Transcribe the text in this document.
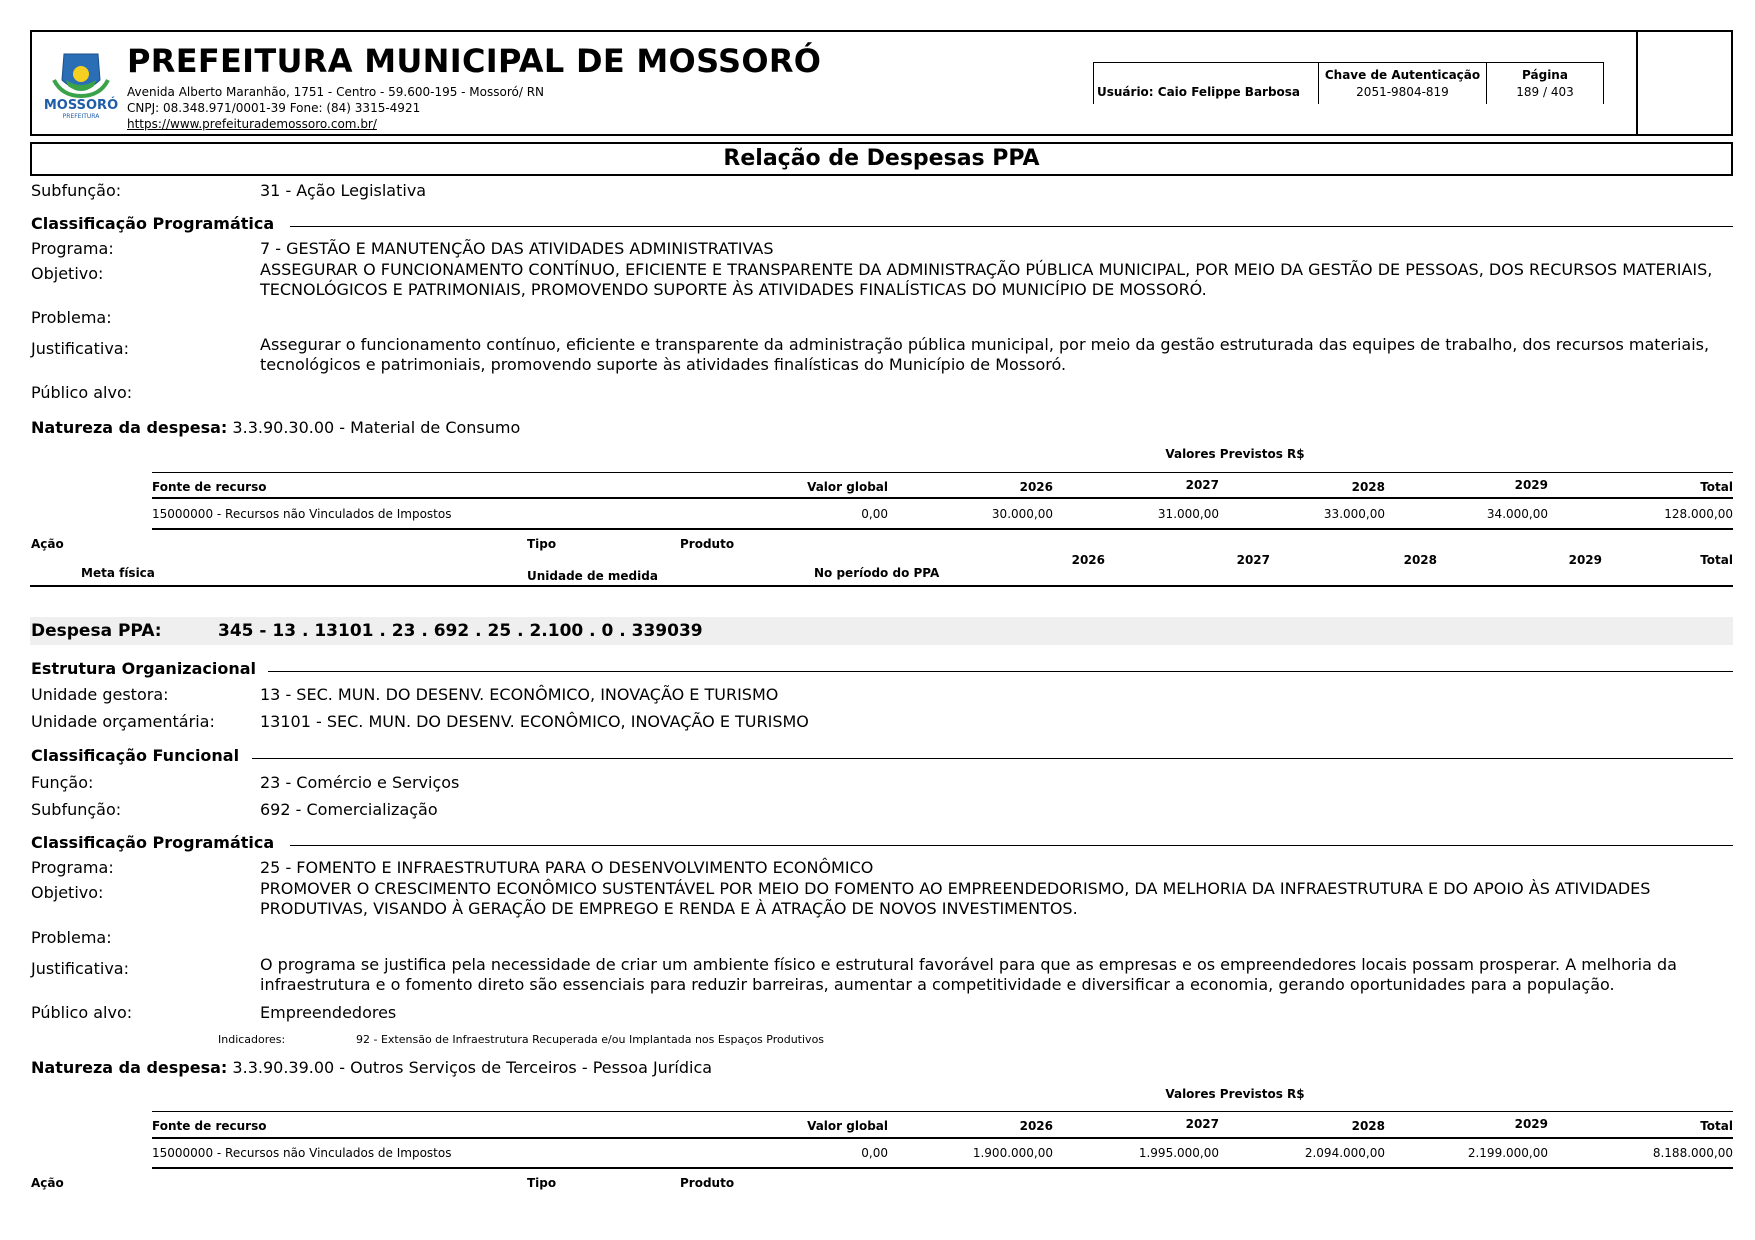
MOSSORÓ
PREFEITURA
PREFEITURA MUNICIPAL DE MOSSORÓ
Avenida Alberto Maranhão, 1751 - Centro - 59.600-195 - Mossoró/ RN
CNPJ: 08.348.971/0001-39 Fone: (84) 3315-4921
https://www.prefeiturademossoro.com.br/
Usuário: Caio Felippe Barbosa
Chave de Autenticação
2051-9804-819
Página
189 / 403
Relação de Despesas PPA
Subfunção:	31 - Ação Legislativa
Classificação Programática
Programa:	7 - GESTÃO E MANUTENÇÃO DAS ATIVIDADES ADMINISTRATIVAS
Objetivo:	ASSEGURAR O FUNCIONAMENTO CONTÍNUO, EFICIENTE E TRANSPARENTE DA ADMINISTRAÇÃO PÚBLICA MUNICIPAL, POR MEIO DA GESTÃO DE PESSOAS, DOS RECURSOS MATERIAIS, TECNOLÓGICOS E PATRIMONIAIS, PROMOVENDO SUPORTE ÀS ATIVIDADES FINALÍSTICAS DO MUNICÍPIO DE MOSSORÓ.
Problema:
Justificativa:	Assegurar o funcionamento contínuo, eficiente e transparente da administração pública municipal, por meio da gestão estruturada das equipes de trabalho, dos recursos materiais, tecnológicos e patrimoniais, promovendo suporte às atividades finalísticas do Município de Mossoró.
Público alvo:
Natureza da despesa: 3.3.90.30.00 - Material de Consumo
Valores Previstos R$
Fonte de recurso	Valor global	2026	2027	2028	2029	Total
15000000 - Recursos não Vinculados de Impostos	0,00	30.000,00	31.000,00	33.000,00	34.000,00	128.000,00
Ação	Tipo	Produto
Meta física	Unidade de medida	No período do PPA
2026	2027	2028	2029	Total
Despesa PPA:	345 - 13 . 13101 . 23 . 692 . 25 . 2.100 . 0 . 339039
Estrutura Organizacional
Unidade gestora:	13 - SEC. MUN. DO DESENV. ECONÔMICO, INOVAÇÃO E TURISMO
Unidade orçamentária:	13101 - SEC. MUN. DO DESENV. ECONÔMICO, INOVAÇÃO E TURISMO
Classificação Funcional
Função:	23 - Comércio e Serviços
Subfunção:	692 - Comercialização
Classificação Programática
Programa:	25 - FOMENTO E INFRAESTRUTURA PARA O DESENVOLVIMENTO ECONÔMICO
Objetivo:	PROMOVER O CRESCIMENTO ECONÔMICO SUSTENTÁVEL POR MEIO DO FOMENTO AO EMPREENDEDORISMO, DA MELHORIA DA INFRAESTRUTURA E DO APOIO ÀS ATIVIDADES PRODUTIVAS, VISANDO À GERAÇÃO DE EMPREGO E RENDA E À ATRAÇÃO DE NOVOS INVESTIMENTOS.
Problema:
Justificativa:	O programa se justifica pela necessidade de criar um ambiente físico e estrutural favorável para que as empresas e os empreendedores locais possam prosperar. A melhoria da infraestrutura e o fomento direto são essenciais para reduzir barreiras, aumentar a competitividade e diversificar a economia, gerando oportunidades para a população.
Público alvo:	Empreendedores
Indicadores:	92 - Extensão de Infraestrutura Recuperada e/ou Implantada nos Espaços Produtivos
Natureza da despesa: 3.3.90.39.00 - Outros Serviços de Terceiros - Pessoa Jurídica
Valores Previstos R$
Fonte de recurso	Valor global	2026	2027	2028	2029	Total
15000000 - Recursos não Vinculados de Impostos	0,00	1.900.000,00	1.995.000,00	2.094.000,00	2.199.000,00	8.188.000,00
Ação	Tipo	Produto
